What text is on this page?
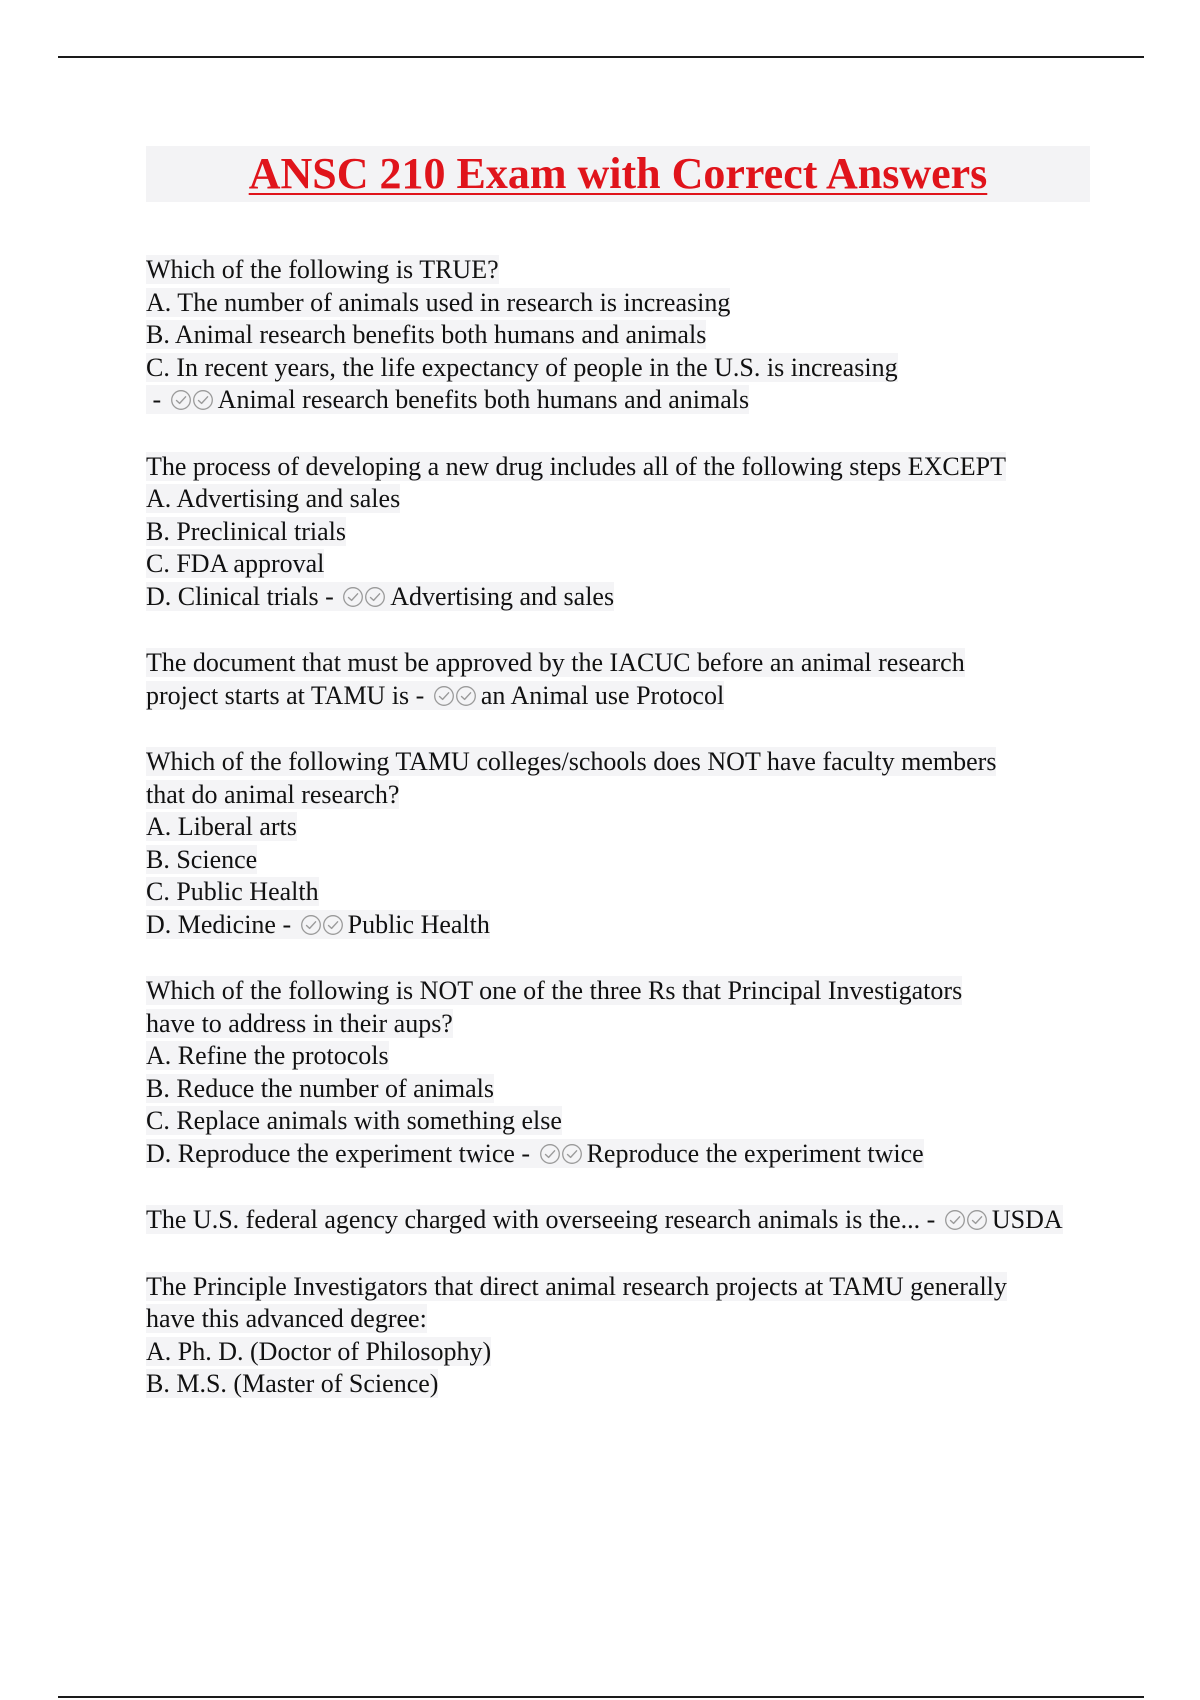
ANSC 210 Exam with Correct Answers
Which of the following is TRUE?
A. The number of animals used in research is increasing
B. Animal research benefits both humans and animals
C. In recent years, the life expectancy of people in the U.S. is increasing
-
Animal research benefits both humans and animals
The process of developing a new drug includes all of the following steps EXCEPT
A. Advertising and sales
B. Preclinical trials
C. FDA approval
D. Clinical trials -
Advertising and sales
The document that must be approved by the IACUC before an animal research
project starts at TAMU is -
an Animal use Protocol
Which of the following TAMU colleges/schools does NOT have faculty members
that do animal research?
A. Liberal arts
B. Science
C. Public Health
D. Medicine -
Public Health
Which of the following is NOT one of the three Rs that Principal Investigators
have to address in their aups?
A. Refine the protocols
B. Reduce the number of animals
C. Replace animals with something else
D. Reproduce the experiment twice -
Reproduce the experiment twice
The U.S. federal agency charged with overseeing research animals is the... -
USDA
The Principle Investigators that direct animal research projects at TAMU generally
have this advanced degree:
A. Ph. D. (Doctor of Philosophy)
B. M.S. (Master of Science)
